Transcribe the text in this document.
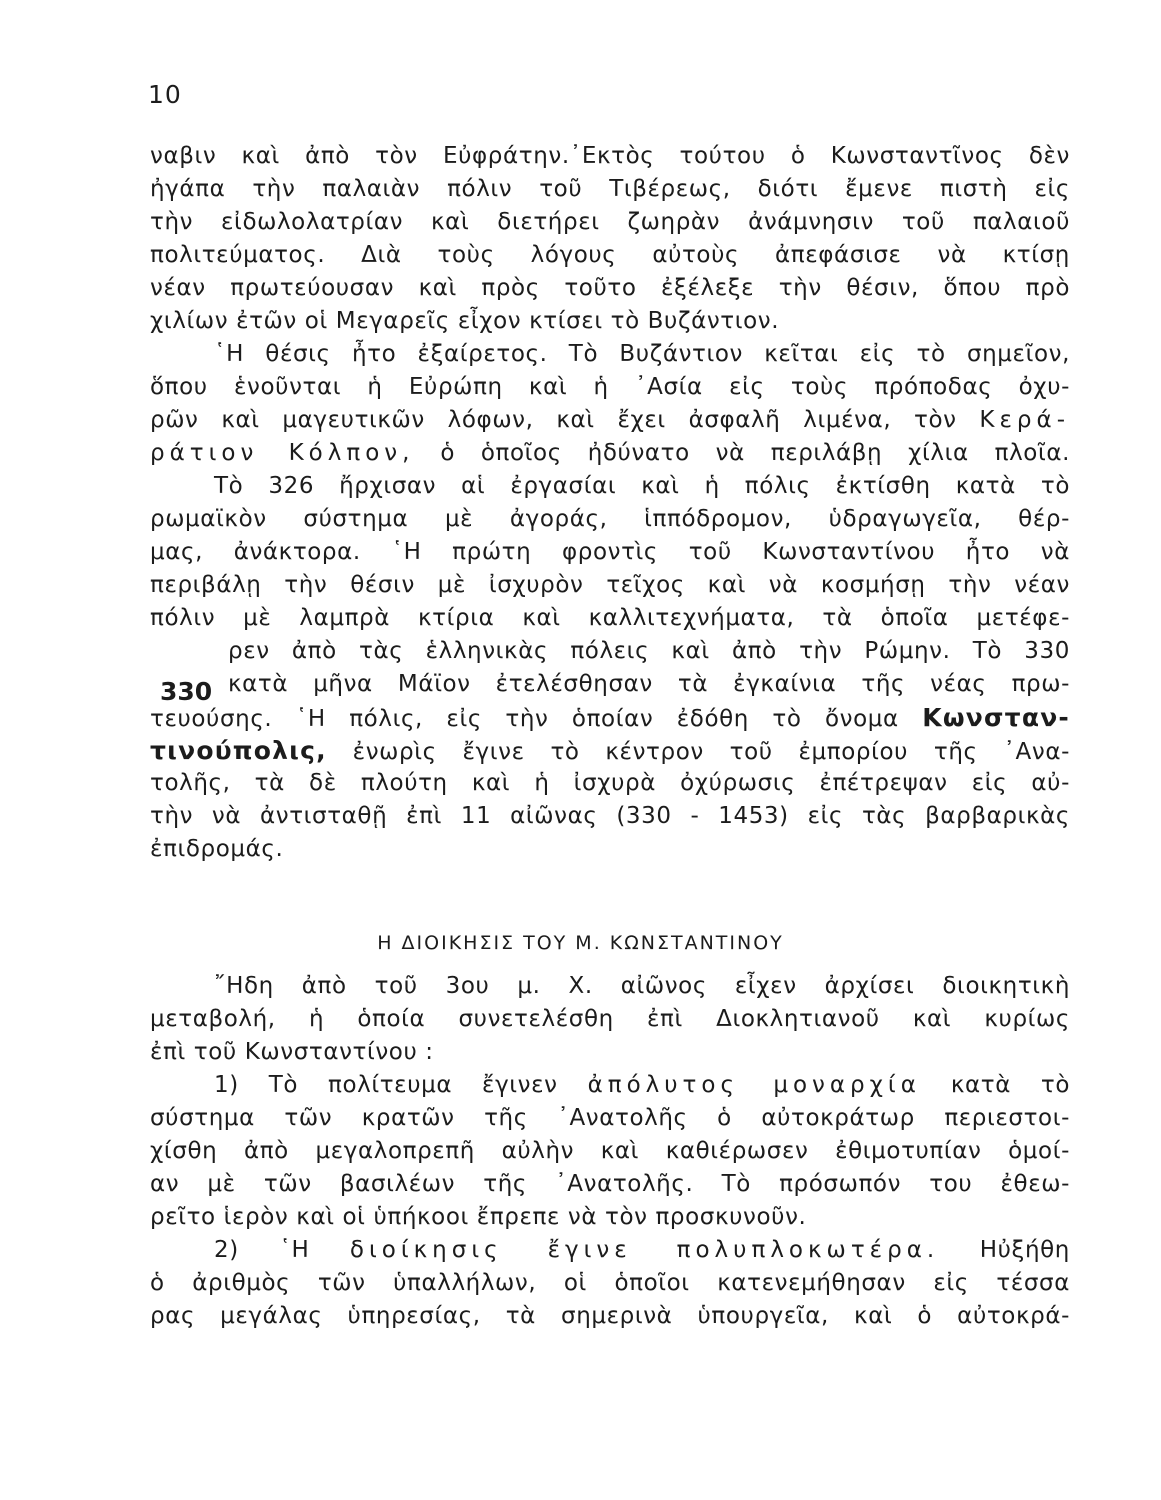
10
330
ναβιν καὶ ἀπὸ τὸν Εὐφράτην.᾽Εκτὸς τούτου ὁ Κωνσταντῖνος δὲν
ἠγάπα τὴν παλαιὰν πόλιν τοῦ Τιβέρεως, διότι ἔμενε πιστὴ εἰς
τὴν εἰδωλολατρίαν καὶ διετήρει ζωηρὰν ἀνάμνησιν τοῦ παλαιοῦ
πολιτεύματος. Διὰ τοὺς λόγους αὐτοὺς ἀπεφάσισε νὰ κτίσῃ
νέαν πρωτεύουσαν καὶ πρὸς τοῦτο ἐξέλεξε τὴν θέσιν, ὅπου πρὸ
χιλίων ἐτῶν οἱ Μεγαρεῖς εἶχον κτίσει τὸ Βυζάντιον.
῾Η θέσις ἦτο ἐξαίρετος. Τὸ Βυζάντιον κεῖται εἰς τὸ σημεῖον,
ὅπου ἑνοῦνται ἡ Εὐρώπη καὶ ἡ ᾽Ασία εἰς τοὺς πρόποδας ὀχυ-
ρῶν καὶ μαγευτικῶν λόφων, καὶ ἔχει ἀσφαλῆ λιμένα, τὸν Κερά-
ράτιον Κόλπον, ὁ ὁποῖος ἠδύνατο νὰ περιλάβῃ χίλια πλοῖα.
Τὸ 326 ἤρχισαν αἱ ἐργασίαι καὶ ἡ πόλις ἐκτίσθη κατὰ τὸ
ρωμαϊκὸν σύστημα μὲ ἀγοράς, ἱππόδρομον, ὑδραγωγεῖα, θέρ-
μας, ἀνάκτορα. ῾Η πρώτη φροντὶς τοῦ Κωνσταντίνου ἦτο νὰ
περιβάλῃ τὴν θέσιν μὲ ἰσχυρὸν τεῖχος καὶ νὰ κοσμήσῃ τὴν νέαν
πόλιν μὲ λαμπρὰ κτίρια καὶ καλλιτεχνήματα, τὰ ὁποῖα μετέφε-
ρεν ἀπὸ τὰς ἑλληνικὰς πόλεις καὶ ἀπὸ τὴν Ρώμην. Τὸ 330
κατὰ μῆνα Μάϊον ἐτελέσθησαν τὰ ἐγκαίνια τῆς νέας πρω-
τευούσης. ῾Η πόλις, εἰς τὴν ὁποίαν ἐδόθη τὸ ὄνομα Κωνσταν-
τινούπολις, ἐνωρὶς ἔγινε τὸ κέντρον τοῦ ἐμπορίου τῆς ᾽Ανα-
τολῆς, τὰ δὲ πλούτη καὶ ἡ ἰσχυρὰ ὀχύρωσις ἐπέτρεψαν εἰς αὐ-
τὴν νὰ ἀντισταθῇ ἐπὶ 11 αἰῶνας (330 - 1453) εἰς τὰς βαρβαρικὰς
ἐπιδρομάς.
Η ΔΙΟΙΚΗΣΙΣ ΤΟΥ Μ. ΚΩΝΣΤΑΝΤΙΝΟΥ
῎Ηδη ἀπὸ τοῦ 3ου μ. Χ. αἰῶνος εἶχεν ἀρχίσει διοικητικὴ
μεταβολή, ἡ ὁποία συνετελέσθη ἐπὶ Διοκλητιανοῦ καὶ κυρίως
ἐπὶ τοῦ Κωνσταντίνου :
1) Τὸ πολίτευμα ἔγινεν ἀπόλυτος μοναρχία κατὰ τὸ
σύστημα τῶν κρατῶν τῆς ᾽Ανατολῆς ὁ αὐτοκράτωρ περιεστοι-
χίσθη ἀπὸ μεγαλοπρεπῆ αὐλὴν καὶ καθιέρωσεν ἐθιμοτυπίαν ὁμοί-
αν μὲ τῶν βασιλέων τῆς ᾽Ανατολῆς. Τὸ πρόσωπόν του ἐθεω-
ρεῖτο ἱερὸν καὶ οἱ ὑπήκοοι ἔπρεπε νὰ τὸν προσκυνοῦν.
2) ῾Η διοίκησις ἔγινε πολυπλοκωτέρα. Ηὐξήθη
ὁ ἀριθμὸς τῶν ὑπαλλήλων, οἱ ὁποῖοι κατενεμήθησαν εἰς τέσσα
ρας μεγάλας ὑπηρεσίας, τὰ σημερινὰ ὑπουργεῖα, καὶ ὁ αὐτοκρά-
